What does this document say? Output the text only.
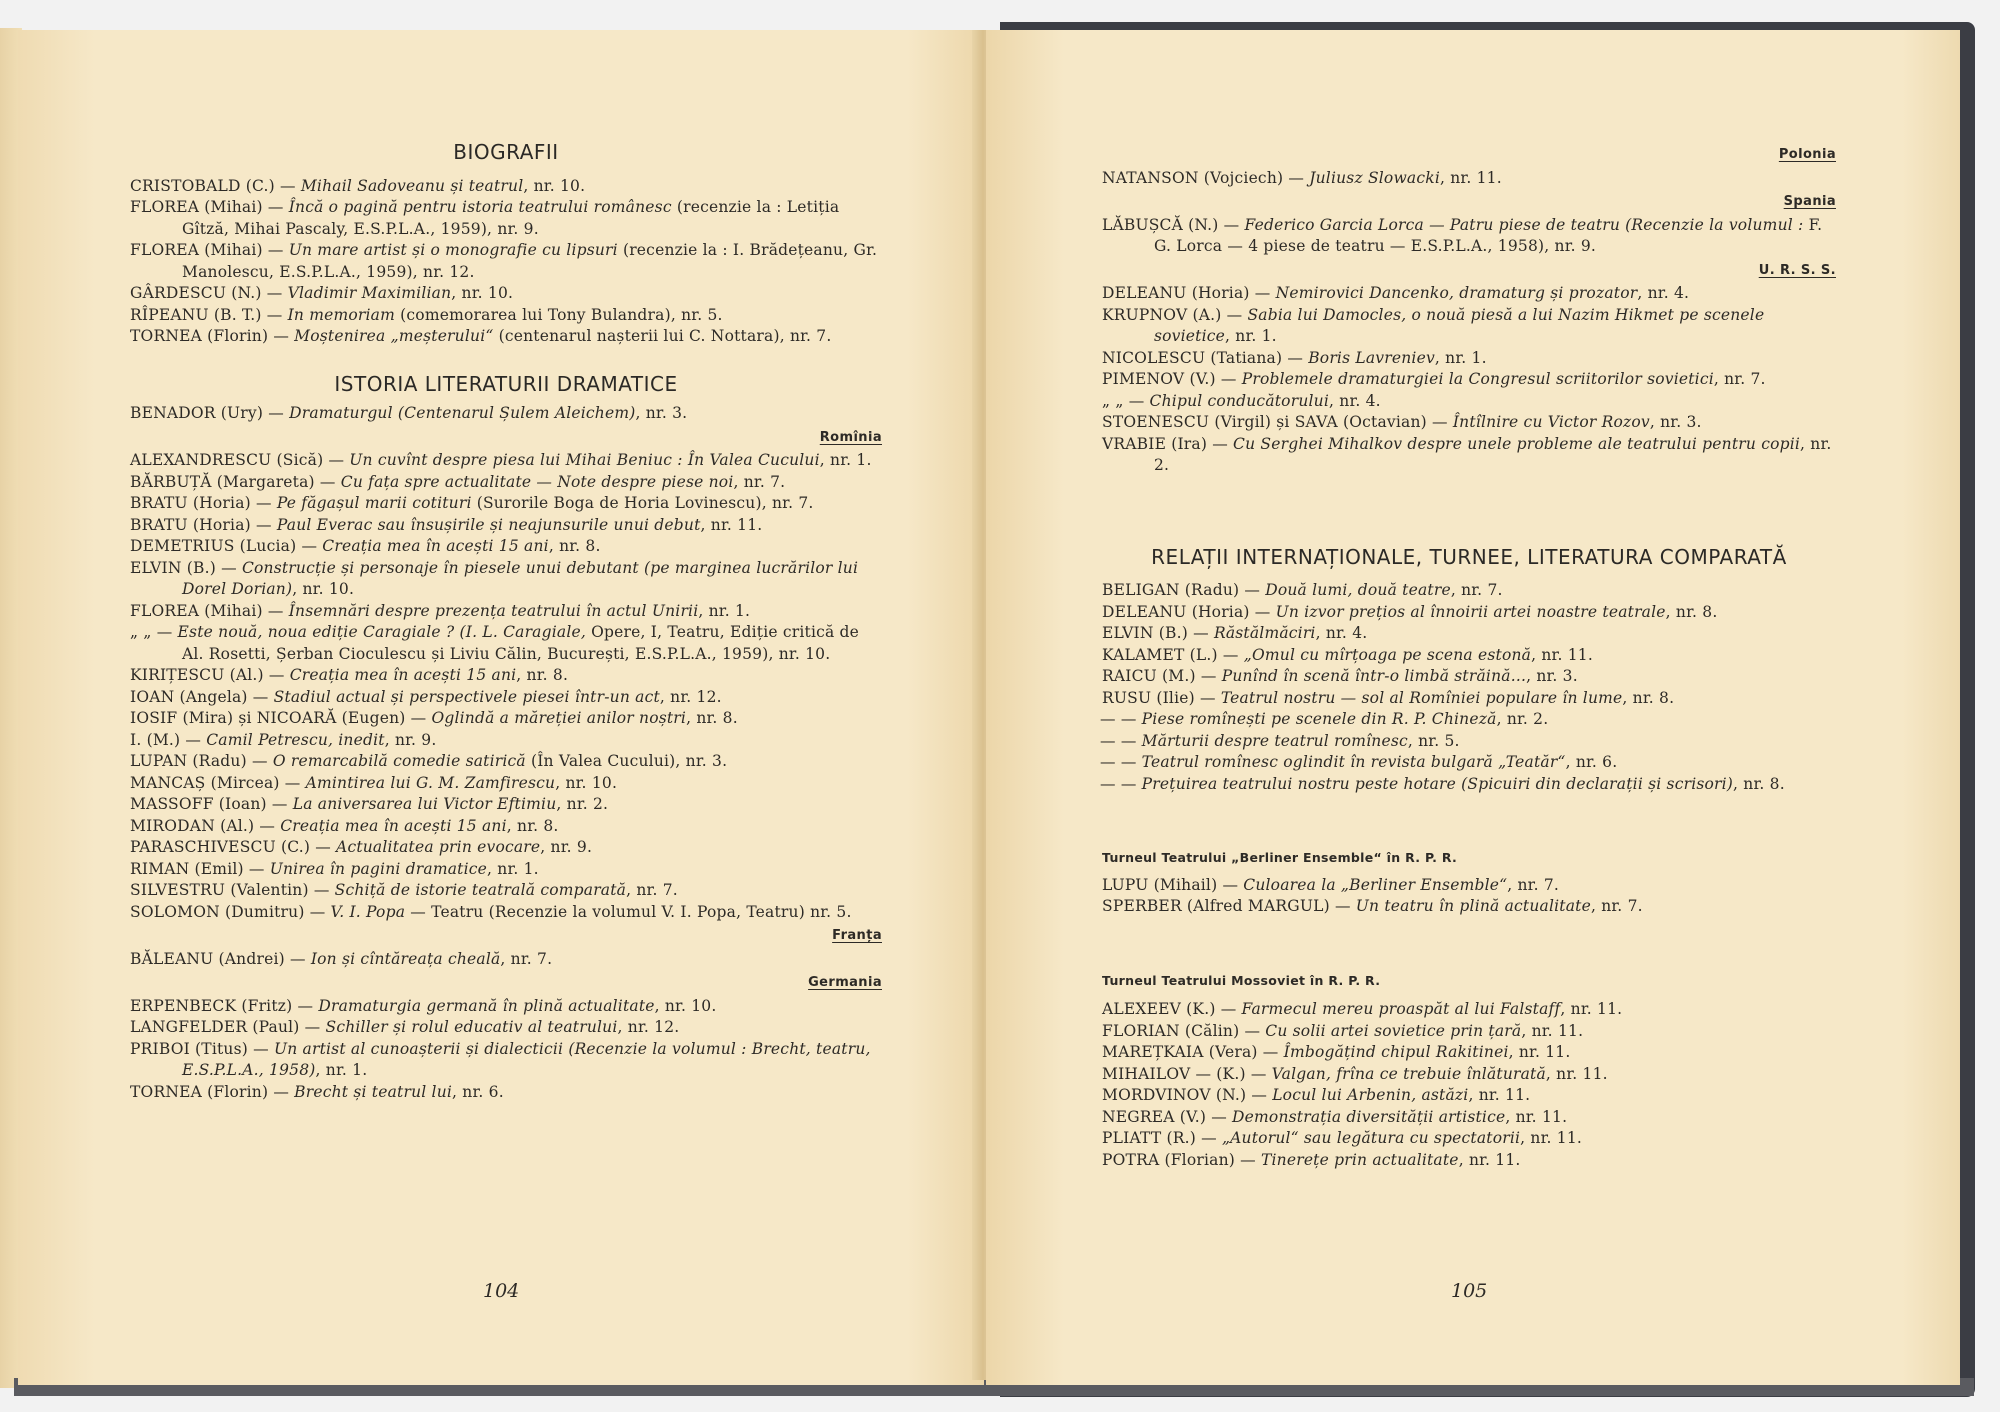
BIOGRAFII
CRISTOBALD (C.) — Mihail Sadoveanu și teatrul, nr. 10.
FLOREA (Mihai) — Încă o pagină pentru istoria teatrului românesc (recenzie la : Letiția Gîtză, Mihai Pascaly, E.S.P.L.A., 1959), nr. 9.
FLOREA (Mihai) — Un mare artist și o monografie cu lipsuri (recenzie la : I. Brădețeanu, Gr. Manolescu, E.S.P.L.A., 1959), nr. 12.
GÂRDESCU (N.) — Vladimir Maximilian, nr. 10.
RÎPEANU (B. T.) — In memoriam (comemorarea lui Tony Bulandra), nr. 5.
TORNEA (Florin) — Moștenirea „meșterului“ (centenarul nașterii lui C. Nottara), nr. 7.
ISTORIA LITERATURII DRAMATICE
BENADOR (Ury) — Dramaturgul (Centenarul Șulem Aleichem), nr. 3.
Romînia
ALEXANDRESCU (Sică) — Un cuvînt despre piesa lui Mihai Beniuc : În Valea Cucului, nr. 1.
BĂRBUȚĂ (Margareta) — Cu fața spre actualitate — Note despre piese noi, nr. 7.
BRATU (Horia) — Pe făgașul marii cotituri (Surorile Boga de Horia Lovinescu), nr. 7.
BRATU (Horia) — Paul Everac sau însușirile și neajunsurile unui debut, nr. 11.
DEMETRIUS (Lucia) — Creația mea în acești 15 ani, nr. 8.
ELVIN (B.) — Construcție și personaje în piesele unui debutant (pe marginea lucrărilor lui Dorel Dorian), nr. 10.
FLOREA (Mihai) — Însemnări despre prezența teatrului în actul Unirii, nr. 1.
„ „ — Este nouă, noua ediție Caragiale ? (I. L. Caragiale, Opere, I, Teatru, Ediție critică de Al. Rosetti, Șerban Cioculescu și Liviu Călin, București, E.S.P.L.A., 1959), nr. 10.
KIRIȚESCU (Al.) — Creația mea în acești 15 ani, nr. 8.
IOAN (Angela) — Stadiul actual și perspectivele piesei într-un act, nr. 12.
IOSIF (Mira) și NICOARĂ (Eugen) — Oglindă a măreției anilor noștri, nr. 8.
I. (M.) — Camil Petrescu, inedit, nr. 9.
LUPAN (Radu) — O remarcabilă comedie satirică (În Valea Cucului), nr. 3.
MANCAȘ (Mircea) — Amintirea lui G. M. Zamfirescu, nr. 10.
MASSOFF (Ioan) — La aniversarea lui Victor Eftimiu, nr. 2.
MIRODAN (Al.) — Creația mea în acești 15 ani, nr. 8.
PARASCHIVESCU (C.) — Actualitatea prin evocare, nr. 9.
RIMAN (Emil) — Unirea în pagini dramatice, nr. 1.
SILVESTRU (Valentin) — Schiță de istorie teatrală comparată, nr. 7.
SOLOMON (Dumitru) — V. I. Popa — Teatru (Recenzie la volumul V. I. Popa, Teatru) nr. 5.
Franța
BĂLEANU (Andrei) — Ion și cîntăreața cheală, nr. 7.
Germania
ERPENBECK (Fritz) — Dramaturgia germană în plină actualitate, nr. 10.
LANGFELDER (Paul) — Schiller și rolul educativ al teatrului, nr. 12.
PRIBOI (Titus) — Un artist al cunoașterii și dialecticii (Recenzie la volumul : Brecht, teatru, E.S.P.L.A., 1958), nr. 1.
TORNEA (Florin) — Brecht și teatrul lui, nr. 6.
104
Polonia
NATANSON (Vojciech) — Juliusz Slowacki, nr. 11.
Spania
LĂBUȘCĂ (N.) — Federico Garcia Lorca — Patru piese de teatru (Recenzie la volumul : F. G. Lorca — 4 piese de teatru — E.S.P.L.A., 1958), nr. 9.
U. R. S. S.
DELEANU (Horia) — Nemirovici Dancenko, dramaturg și prozator, nr. 4.
KRUPNOV (A.) — Sabia lui Damocles, o nouă piesă a lui Nazim Hikmet pe scenele sovietice, nr. 1.
NICOLESCU (Tatiana) — Boris Lavreniev, nr. 1.
PIMENOV (V.) — Problemele dramaturgiei la Congresul scriitorilor sovietici, nr. 7.
„ „ — Chipul conducătorului, nr. 4.
STOENESCU (Virgil) și SAVA (Octavian) — Întîlnire cu Victor Rozov, nr. 3.
VRABIE (Ira) — Cu Serghei Mihalkov despre unele probleme ale teatrului pentru copii, nr. 2.
RELAȚII INTERNAȚIONALE, TURNEE, LITERATURA COMPARATĂ
BELIGAN (Radu) — Două lumi, două teatre, nr. 7.
DELEANU (Horia) — Un izvor prețios al înnoirii artei noastre teatrale, nr. 8.
ELVIN (B.) — Răstălmăciri, nr. 4.
KALAMET (L.) — „Omul cu mîrțoaga pe scena estonă, nr. 11.
RAICU (M.) — Punînd în scenă într-o limbă străină..., nr. 3.
RUSU (Ilie) — Teatrul nostru — sol al Romîniei populare în lume, nr. 8.
— — Piese romînești pe scenele din R. P. Chineză, nr. 2.
— — Mărturii despre teatrul romînesc, nr. 5.
— — Teatrul romînesc oglindit în revista bulgară „Teatăr“, nr. 6.
— — Prețuirea teatrului nostru peste hotare (Spicuiri din declarații și scrisori), nr. 8.
Turneul Teatrului „Berliner Ensemble“ în R. P. R.
LUPU (Mihail) — Culoarea la „Berliner Ensemble“, nr. 7.
SPERBER (Alfred MARGUL) — Un teatru în plină actualitate, nr. 7.
Turneul Teatrului Mossoviet în R. P. R.
ALEXEEV (K.) — Farmecul mereu proaspăt al lui Falstaff, nr. 11.
FLORIAN (Călin) — Cu solii artei sovietice prin țară, nr. 11.
MAREȚKAIA (Vera) — Îmbogățind chipul Rakitinei, nr. 11.
MIHAILOV — (K.) — Valgan, frîna ce trebuie înlăturată, nr. 11.
MORDVINOV (N.) — Locul lui Arbenin, astăzi, nr. 11.
NEGREA (V.) — Demonstrația diversității artistice, nr. 11.
PLIATT (R.) — „Autorul“ sau legătura cu spectatorii, nr. 11.
POTRA (Florian) — Tinerețe prin actualitate, nr. 11.
105
